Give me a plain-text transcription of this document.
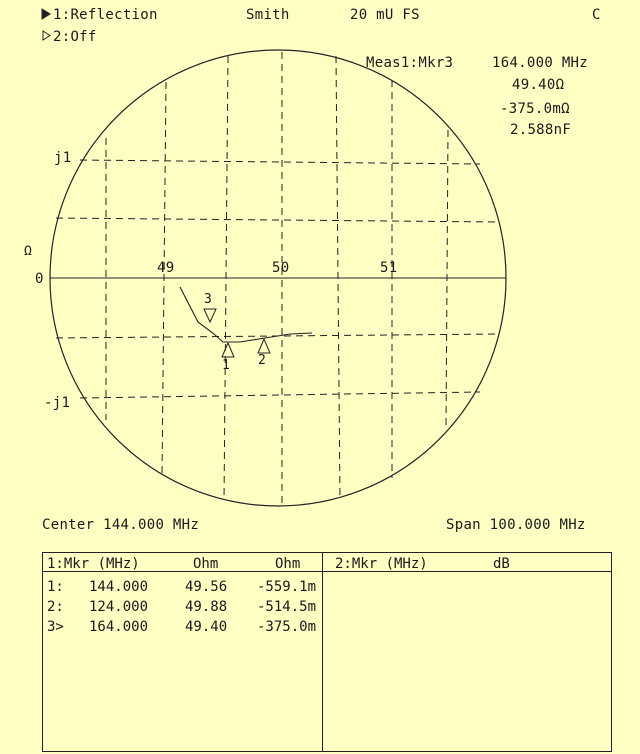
1:Reflection
2:Off
Smith	20 mU FS	C
Meas1:Mkr3	164.000 MHz
49.40Ω
-375.0mΩ
2.588nF
Ω
0
j1
-j1
49	50	51
1 2
3
Center 144.000 MHz	Span 100.000 MHz
1:Mkr (MHz)	Ohm	Ohm 2:Mkr (MHz)	dB
1: 144.000	49.56 -559.1m
2: 124.000	49.88 -514.5m
3> 164.000	49.40 -375.0m
